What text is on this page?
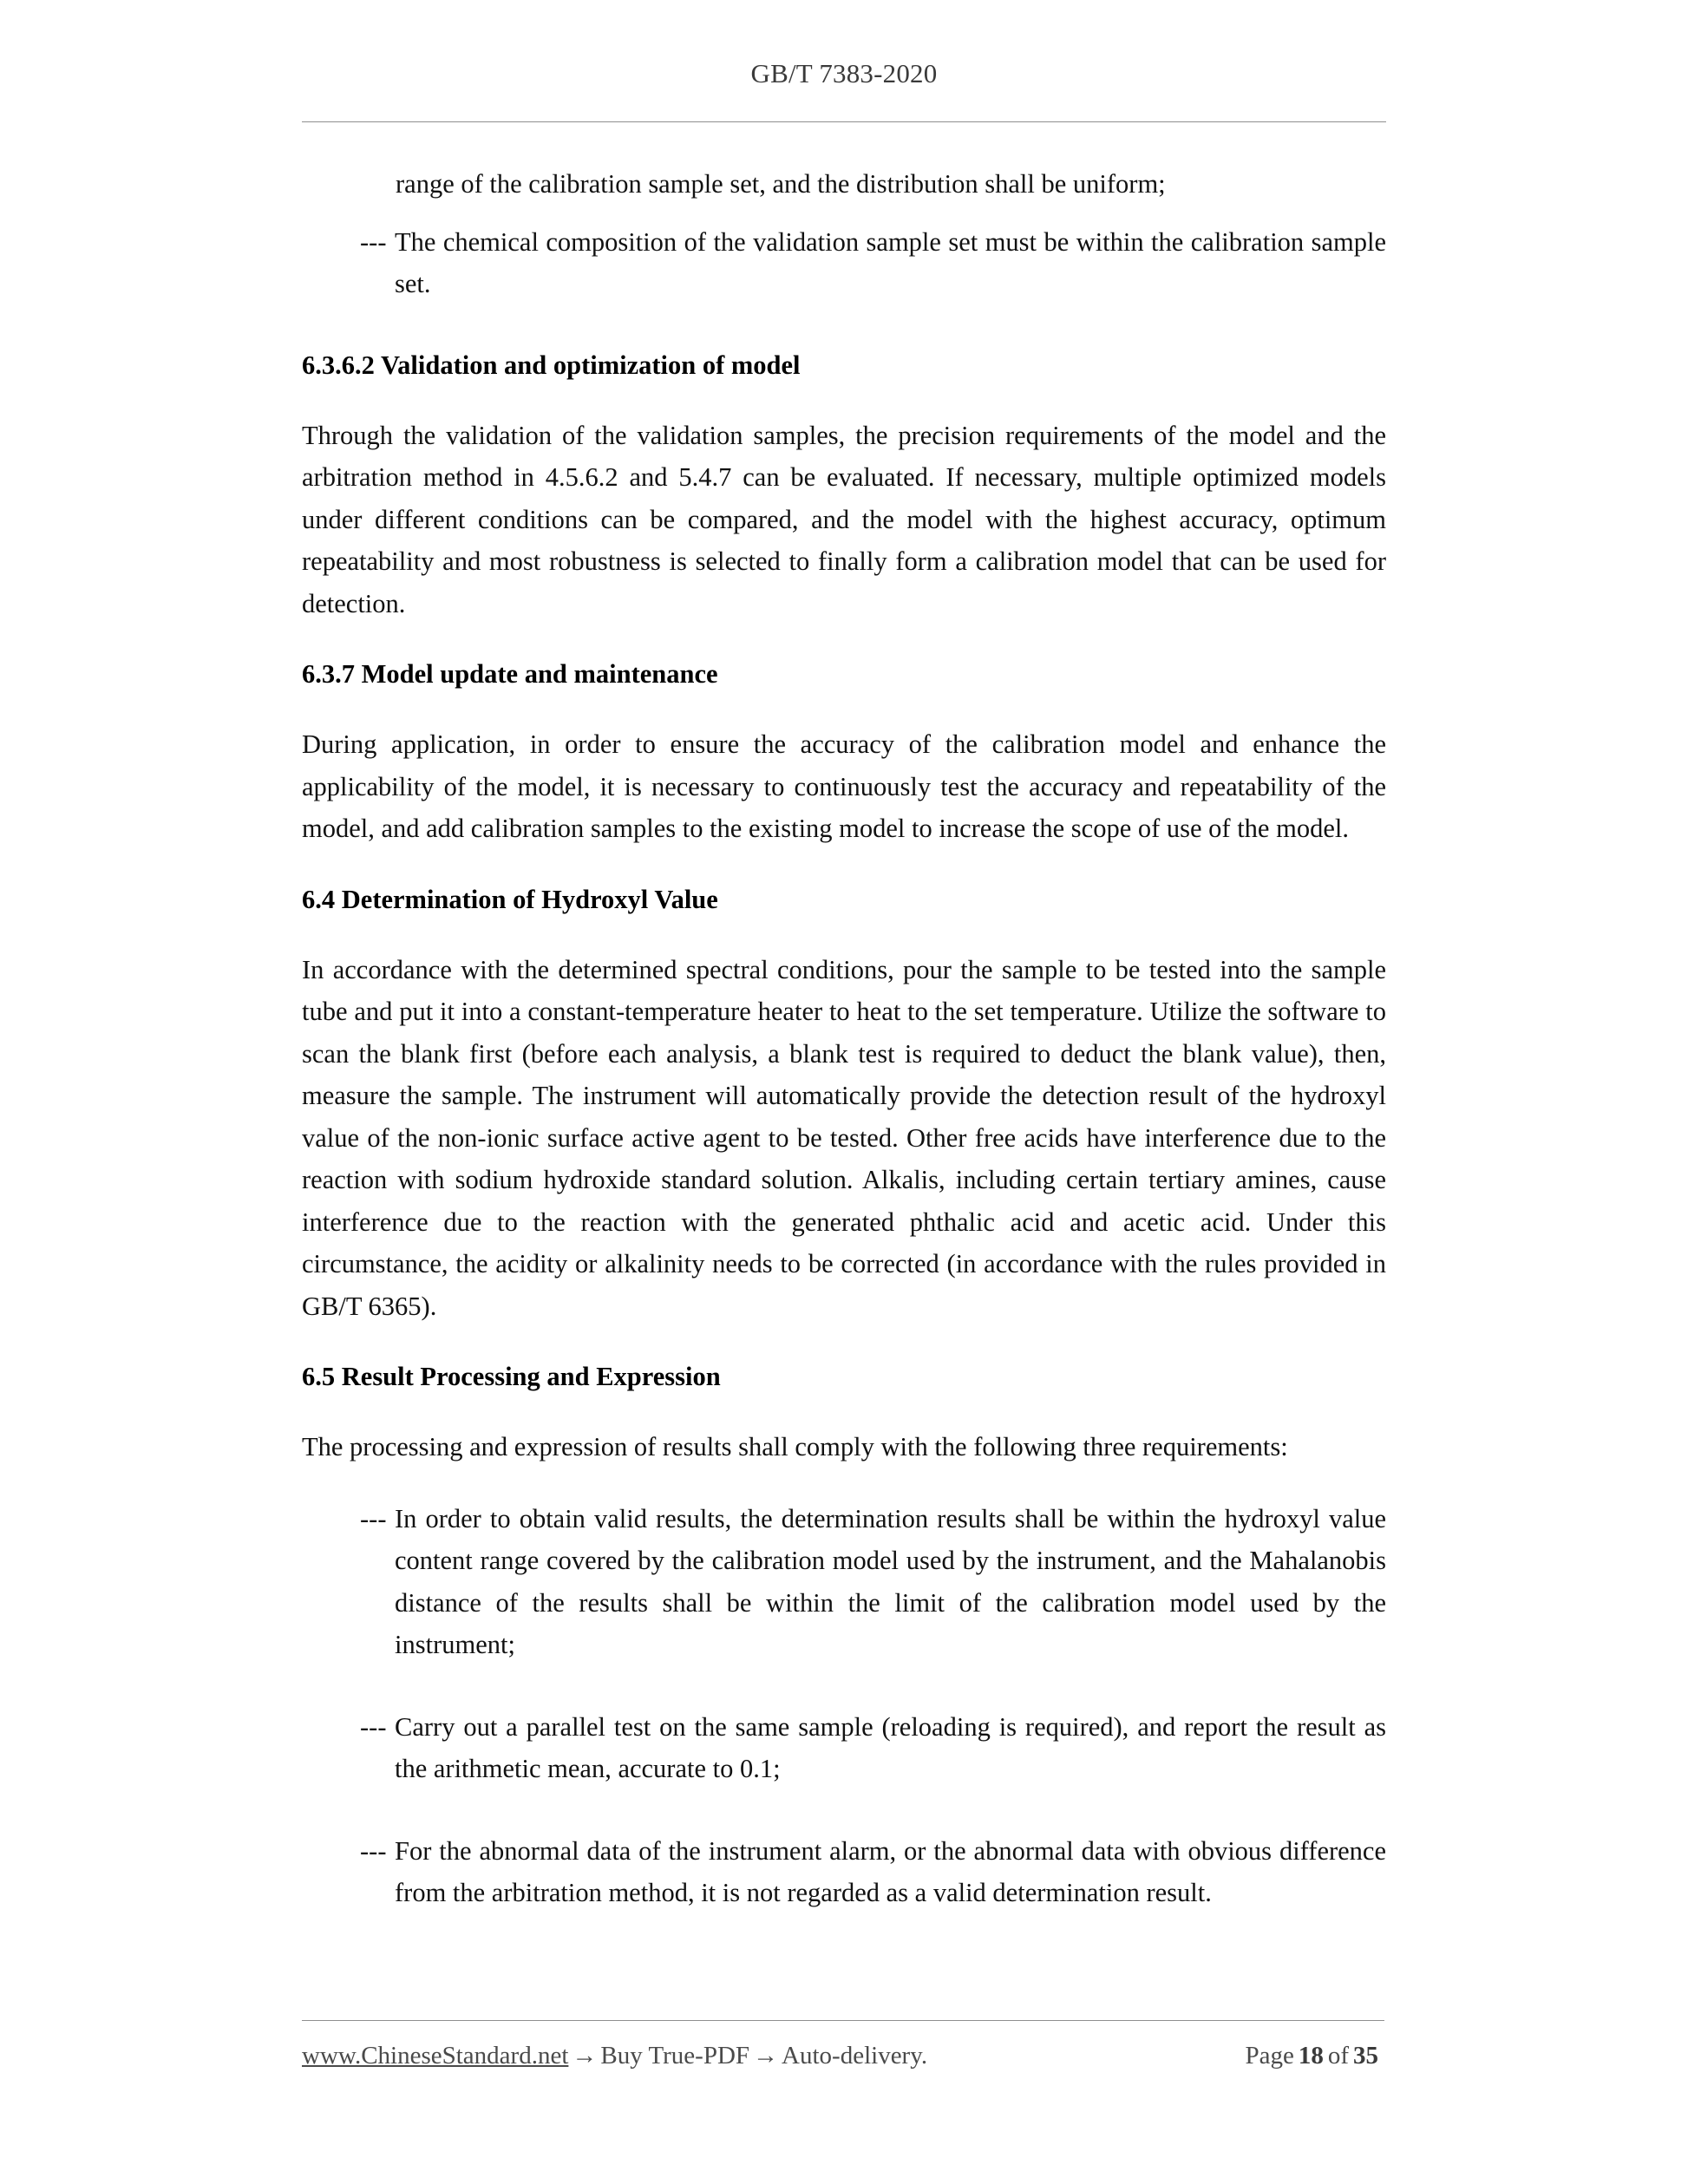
GB/T 7383-2020

range of the calibration sample set, and the distribution shall be uniform;

--- The chemical composition of the validation sample set must be within the calibration sample set.
6.3.6.2 Validation and optimization of model

Through the validation of the validation samples, the precision requirements of the model and the arbitration method in 4.5.6.2 and 5.4.7 can be evaluated. If necessary, multiple optimized models under different conditions can be compared, and the model with the highest accuracy, optimum repeatability and most robustness is selected to finally form a calibration model that can be used for detection.

6.3.7 Model update and maintenance

During application, in order to ensure the accuracy of the calibration model and enhance the applicability of the model, it is necessary to continuously test the accuracy and repeatability of the model, and add calibration samples to the existing model to increase the scope of use of the model.

6.4 Determination of Hydroxyl Value

In accordance with the determined spectral conditions, pour the sample to be tested into the sample tube and put it into a constant-temperature heater to heat to the set temperature. Utilize the software to scan the blank first (before each analysis, a blank test is required to deduct the blank value), then, measure the sample. The instrument will automatically provide the detection result of the hydroxyl value of the non-ionic surface active agent to be tested. Other free acids have interference due to the reaction with sodium hydroxide standard solution. Alkalis, including certain tertiary amines, cause interference due to the reaction with the generated phthalic acid and acetic acid. Under this circumstance, the acidity or alkalinity needs to be corrected (in accordance with the rules provided in GB/T 6365).

6.5 Result Processing and Expression

The processing and expression of results shall comply with the following three requirements:

--- In order to obtain valid results, the determination results shall be within the hydroxyl value content range covered by the calibration model used by the instrument, and the Mahalanobis distance of the results shall be within the limit of the calibration model used by the instrument;
--- Carry out a parallel test on the same sample (reloading is required), and report the result as the arithmetic mean, accurate to 0.1;
--- For the abnormal data of the instrument alarm, or the abnormal data with obvious difference from the arbitration method, it is not regarded as a valid determination result.
www.ChineseStandard.net → Buy True-PDF → Auto-delivery.	Page 18 of 35
